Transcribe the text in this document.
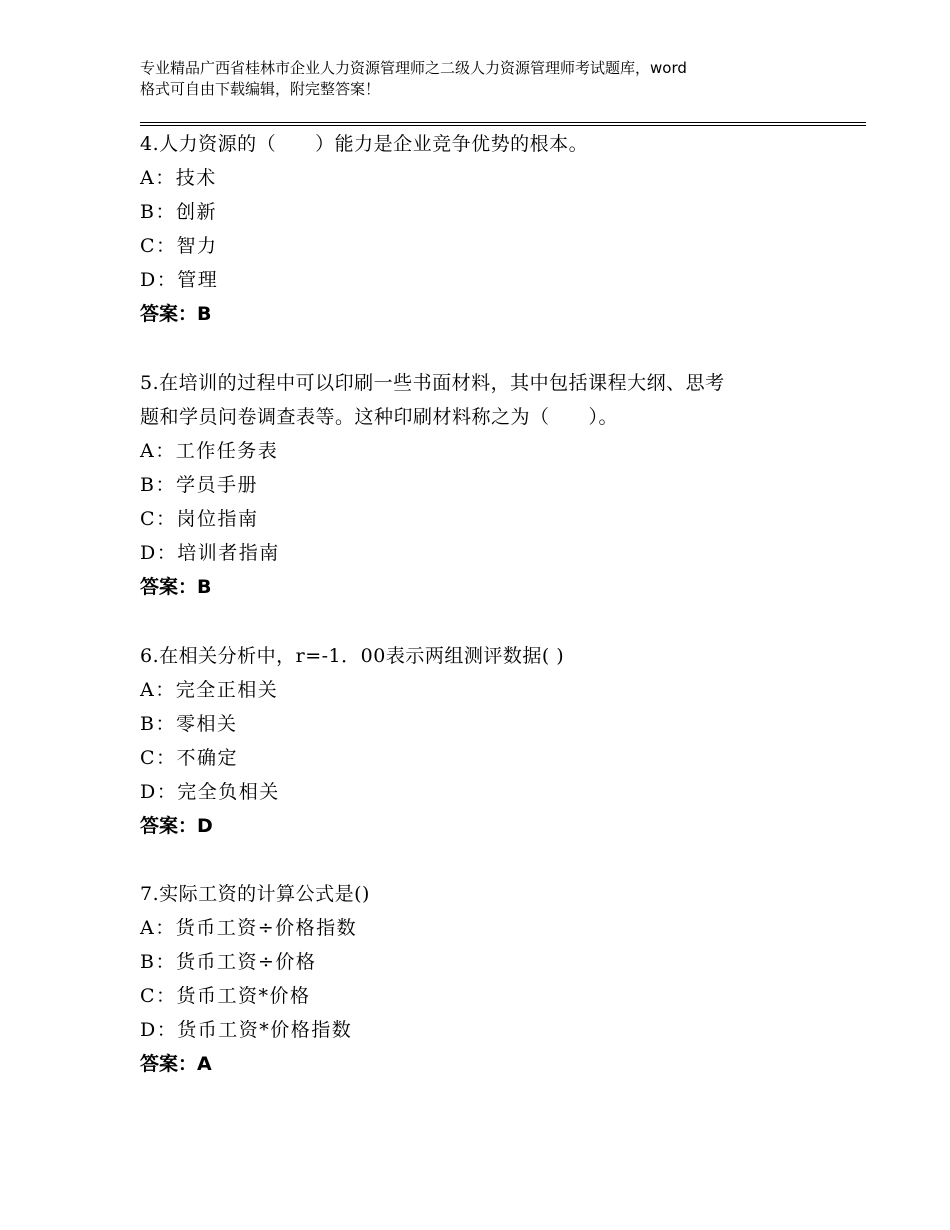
专业精品广西省桂林市企业人力资源管理师之二级人力资源管理师考试题库，word
格式可自由下载编辑，附完整答案！
4.人力资源的（　　）能力是企业竞争优势的根本。
A：技术
B：创新
C：智力
D：管理
答案：B
5.在培训的过程中可以印刷一些书面材料，其中包括课程大纲、思考
题和学员问卷调查表等。这种印刷材料称之为（　　）。
A：工作任务表
B：学员手册
C：岗位指南
D：培训者指南
答案：B
6.在相关分析中，r=-1．00表示两组测评数据( )
A：完全正相关
B：零相关
C：不确定
D：完全负相关
答案：D
7.实际工资的计算公式是()
A：货币工资÷价格指数
B：货币工资÷价格
C：货币工资*价格
D：货币工资*价格指数
答案：A
